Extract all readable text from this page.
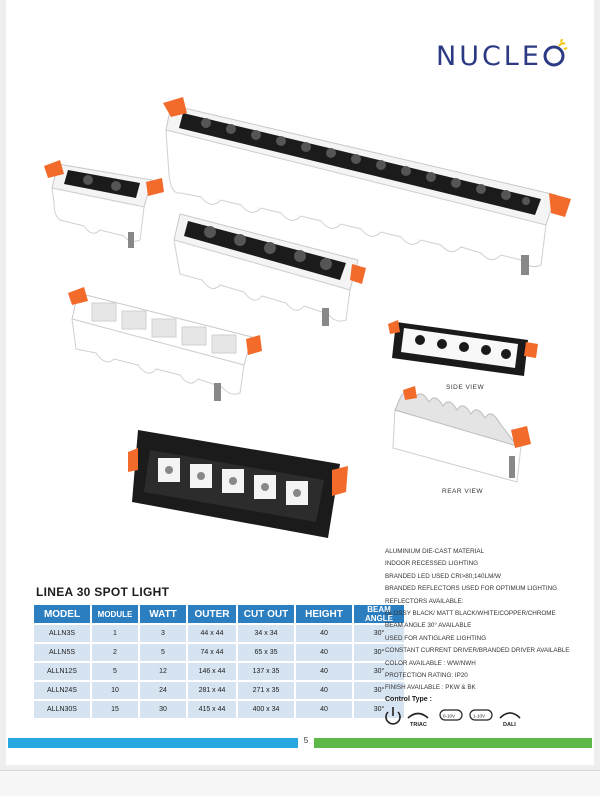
NUCLE
SIDE VIEW
REAR VIEW
LINEA 30 SPOT LIGHT
MODEL	MODULE	WATT	OUTER	CUT OUT	HEIGHT	BEAM
ANGLE
ALLN3S	1	3	44 x 44	34 x 34	40	30°
ALLN5S	2	5	74 x 44	65 x 35	40	30°
ALLN12S	5	12	146 x 44	137 x 35	40	30°
ALLN24S	10	24	281 x 44	271 x 35	40	30°
ALLN30S	15	30	415 x 44	400 x 34	40	30°
ALUMINIUM DIE-CAST MATERIAL
INDOOR RECESSED LIGHTING
BRANDED LED USED CRI>80;140LM/W
BRANDED REFLECTORS USED FOR OPTIMUM LIGHTING
REFLECTORS AVAILABLE:
GLOSSY BLACK/ MATT BLACK/WHITE/COPPER/CHROME
BEAM ANGLE 30° AVAILABLE
USED FOR ANTIGLARE LIGHTING
CONSTANT CURRENT DRIVER/BRANDED DRIVER AVAILABLE
COLOR AVAILABLE : WW/NWH
PROTECTION RATING: IP20
FINISH AVAILABLE : PKW & BK
Control Type :
TRIAC
0-10V	1-10V
DALI
5
